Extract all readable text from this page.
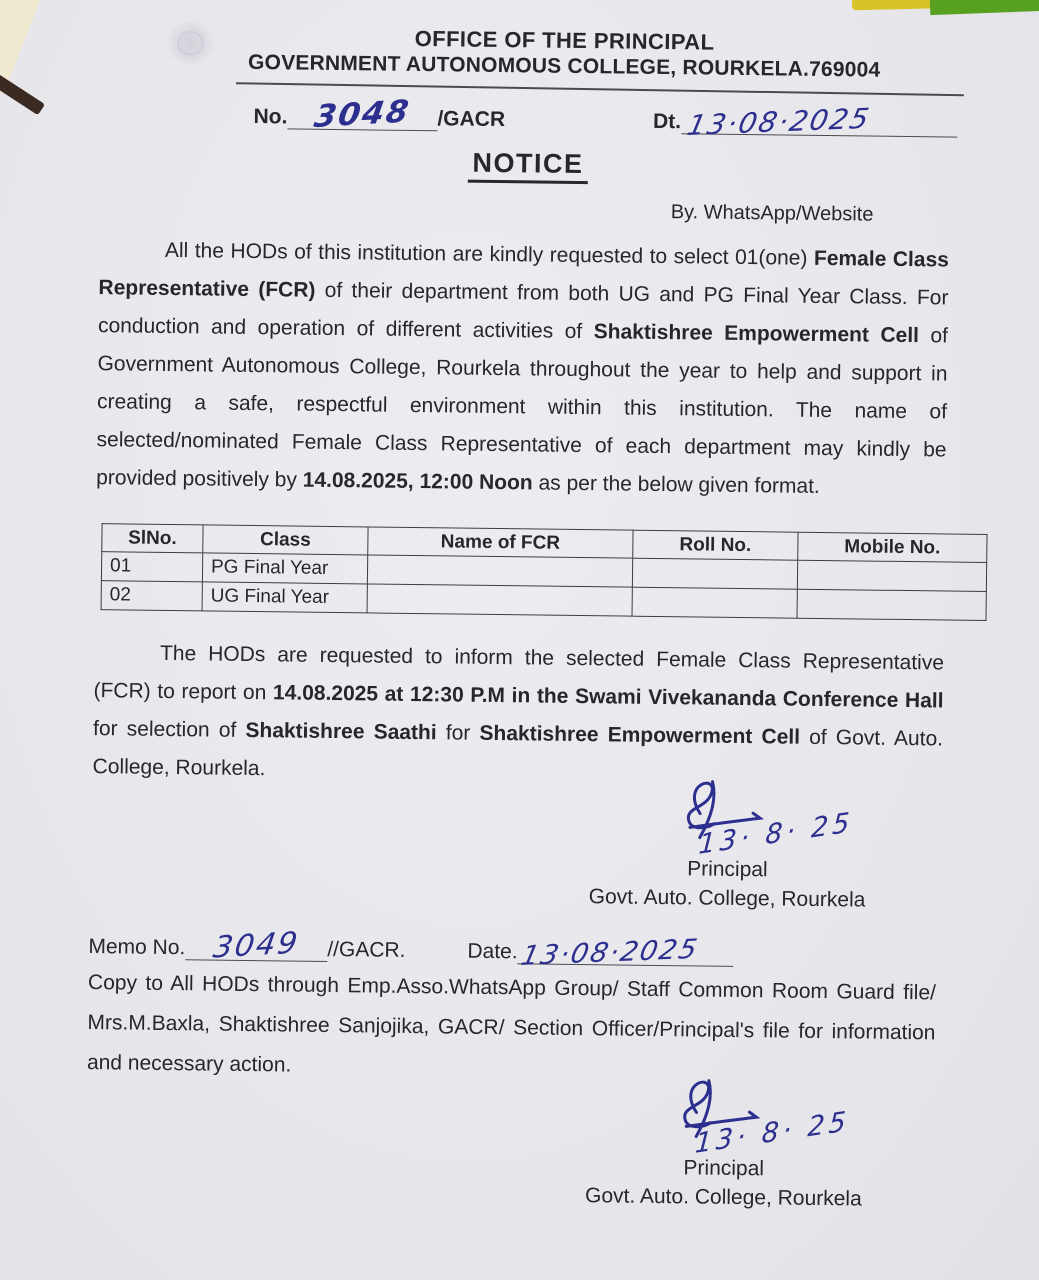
OFFICE OF THE PRINCIPAL
GOVERNMENT AUTONOMOUS COLLEGE, ROURKELA.769004
No. 3048	/GACR	Dt. 13·08·2025
NOTICE
By. WhatsApp/Website

All the HODs of this institution are kindly requested to select 01(one) Female Class Representative (FCR) of their department from both UG and PG Final Year Class. For conduction and operation of different activities of Shaktishree Empowerment Cell of Government Autonomous College, Rourkela throughout the year to help and support in creating a safe, respectful environment within this institution. The name of selected/nominated Female Class Representative of each department may kindly be provided positively by 14.08.2025, 12:00 Noon as per the below given format.

SlNo.	Class	Name of FCR	Roll No.	Mobile No.
01	PG Final Year			
02	UG Final Year			

The HODs are requested to inform the selected Female Class Representative (FCR) to report on 14.08.2025 at 12:30 P.M in the Swami Vivekananda Conference Hall for selection of Shaktishree Saathi for Shaktishree Empowerment Cell of Govt. Auto. College, Rourkela.

13· 8· 25
Principal
Govt. Auto. College, Rourkela
Memo No. 3049	//GACR.	Date. 13·08·2025

Copy to All HODs through Emp.Asso.WhatsApp Group/ Staff Common Room Guard file/ Mrs.M.Baxla, Shaktishree Sanjojika, GACR/ Section Officer/Principal's file for information and necessary action.

13· 8· 25
Principal
Govt. Auto. College, Rourkela
